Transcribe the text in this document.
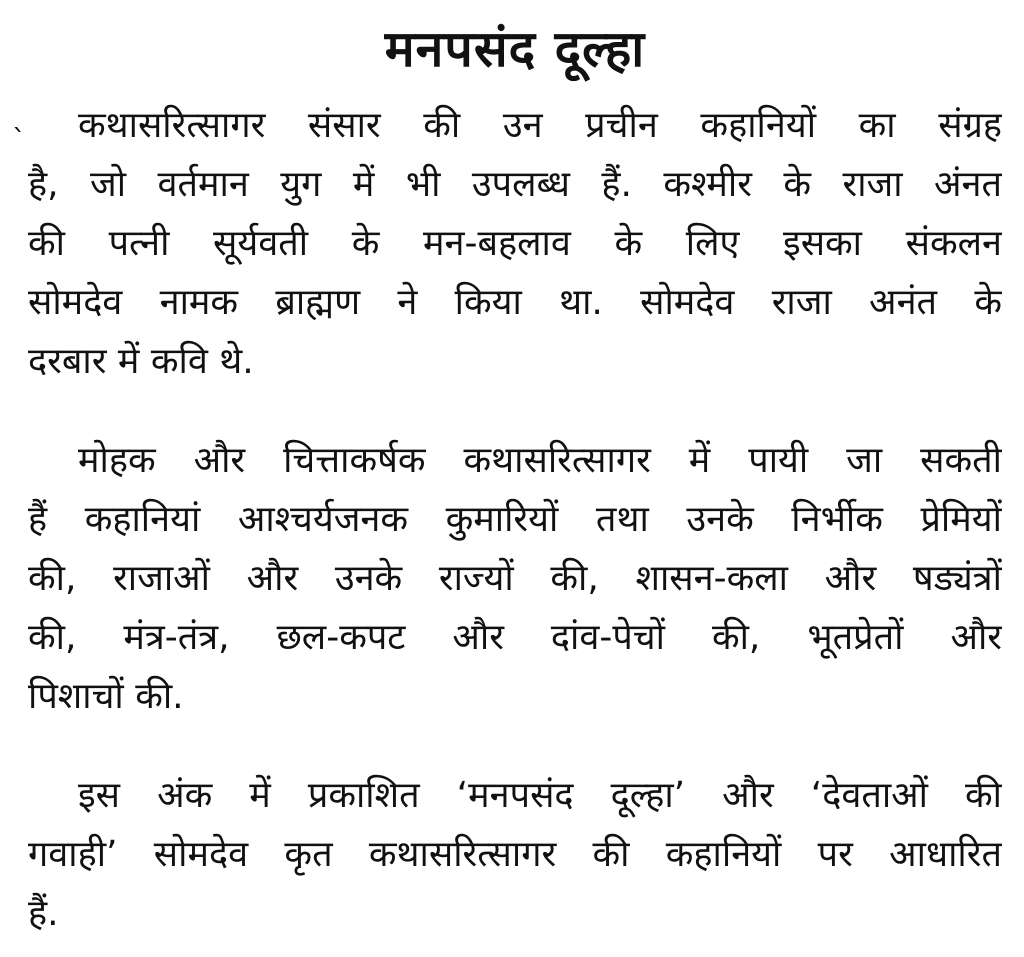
मनपसंद दूल्हा
`	कथासरित्सागर संसार की उन प्रचीन कहानियों का संग्रह
है, जो वर्तमान युग में भी उपलब्ध हैं. कश्मीर के राजा अंनत
की पत्नी सूर्यवती के मन-बहलाव के लिए इसका संकलन
सोमदेव नामक ब्राह्मण ने किया था. सोमदेव राजा अनंत के
दरबार में कवि थे.
मोहक और चित्ताकर्षक कथासरित्सागर में पायी जा सकती
हैं कहानियां आश्चर्यजनक कुमारियों तथा उनके निर्भीक प्रेमियों
की, राजाओं और उनके राज्यों की, शासन-कला और षड्यंत्रों
की, मंत्र-तंत्र, छल-कपट और दांव-पेचों की, भूतप्रेतों और
पिशाचों की.
इस अंक में प्रकाशित ‘मनपसंद दूल्हा’ और ‘देवताओं की
गवाही’ सोमदेव कृत कथासरित्सागर की कहानियों पर आधारित
हैं.
